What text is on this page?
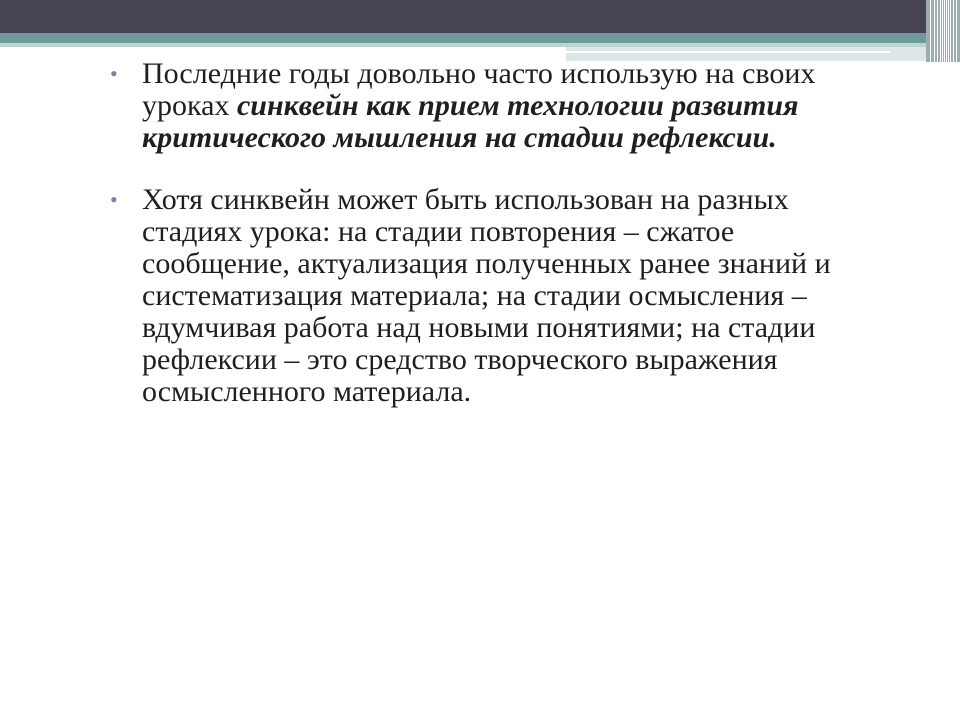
• Последние годы довольно часто использую на своих уроках синквейн как прием технологии развития критического мышления на стадии рефлексии.
• Хотя синквейн может быть использован на разных стадиях урока: на стадии повторения – сжатое сообщение, актуализация полученных ранее знаний и систематизация материала; на стадии осмысления – вдумчивая работа над новыми понятиями; на стадии рефлексии – это средство творческого выражения осмысленного материала.
